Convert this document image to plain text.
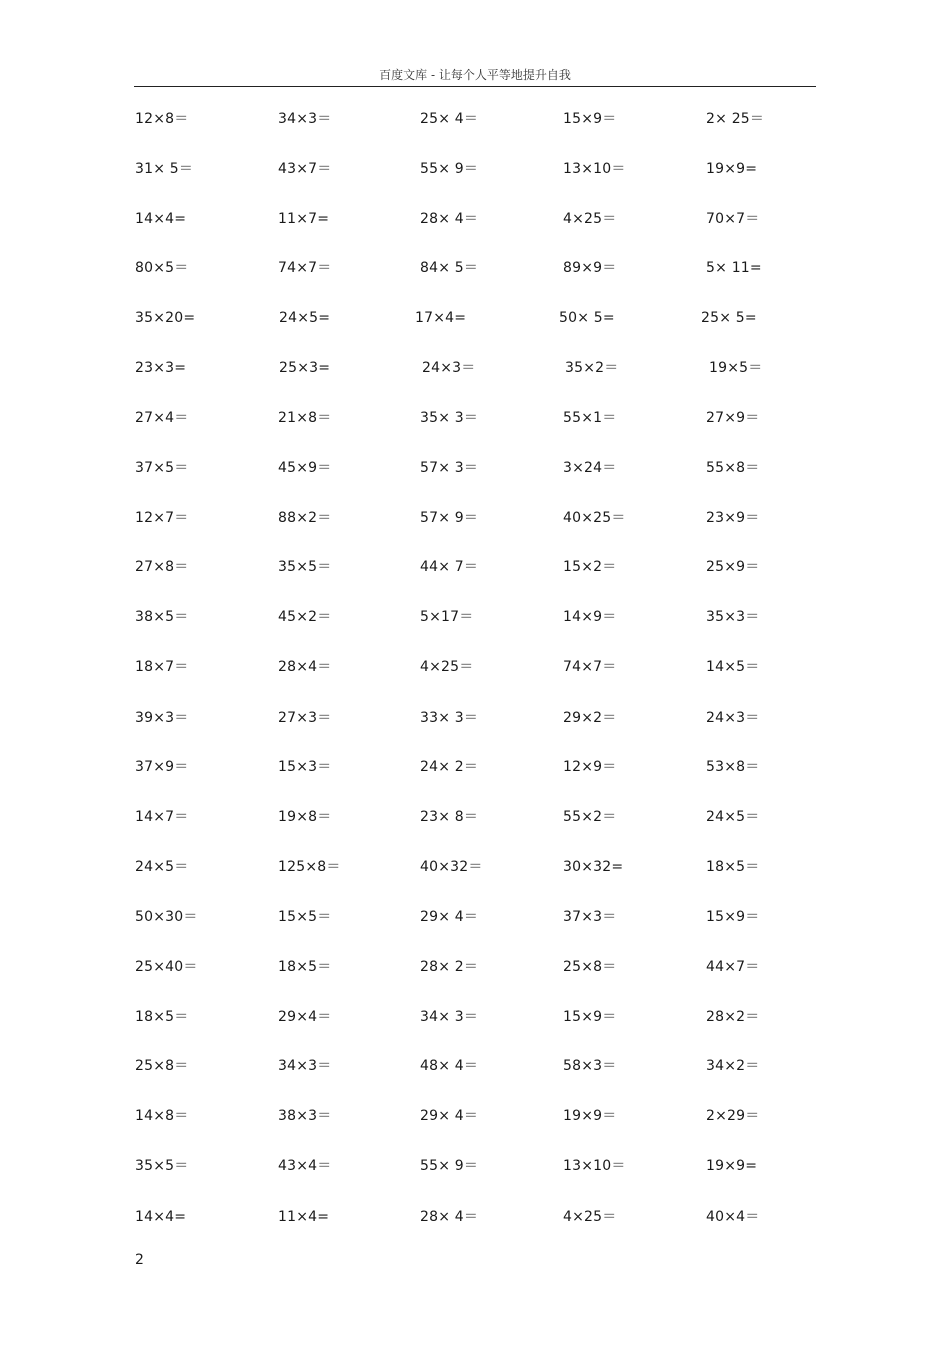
百度文库 - 让每个人平等地提升自我
12×8＝	34×3＝	25× 4＝	15×9＝	2× 25＝
31× 5＝	43×7＝	55× 9＝	13×10＝	19×9=
14×4=	11×7=	28× 4＝	4×25＝	70×7＝
80×5＝	74×7＝	84× 5＝	89×9＝	5× 11=
35×20=	24×5=	17×4=	50× 5=	25× 5=
23×3=	25×3=	24×3＝	35×2＝	19×5＝
27×4＝	21×8＝	35× 3＝	55×1＝	27×9＝
37×5＝	45×9＝	57× 3＝	3×24＝	55×8＝
12×7＝	88×2＝	57× 9＝	40×25＝	23×9＝
27×8＝	35×5＝	44× 7＝	15×2＝	25×9＝
38×5＝	45×2＝	5×17＝	14×9＝	35×3＝
18×7＝	28×4＝	4×25＝	74×7＝	14×5＝
39×3＝	27×3＝	33× 3＝	29×2＝	24×3＝
37×9＝	15×3＝	24× 2＝	12×9＝	53×8＝
14×7＝	19×8＝	23× 8＝	55×2＝	24×5＝
24×5＝	125×8＝	40×32＝	30×32=	18×5＝
50×30＝	15×5＝	29× 4＝	37×3＝	15×9＝
25×40＝	18×5＝	28× 2＝	25×8＝	44×7＝
18×5＝	29×4＝	34× 3＝	15×9＝	28×2＝
25×8＝	34×3＝	48× 4＝	58×3＝	34×2＝
14×8＝	38×3＝	29× 4＝	19×9＝	2×29＝
35×5＝	43×4＝	55× 9＝	13×10＝	19×9=
14×4=	11×4=	28× 4＝	4×25＝	40×4＝
2
